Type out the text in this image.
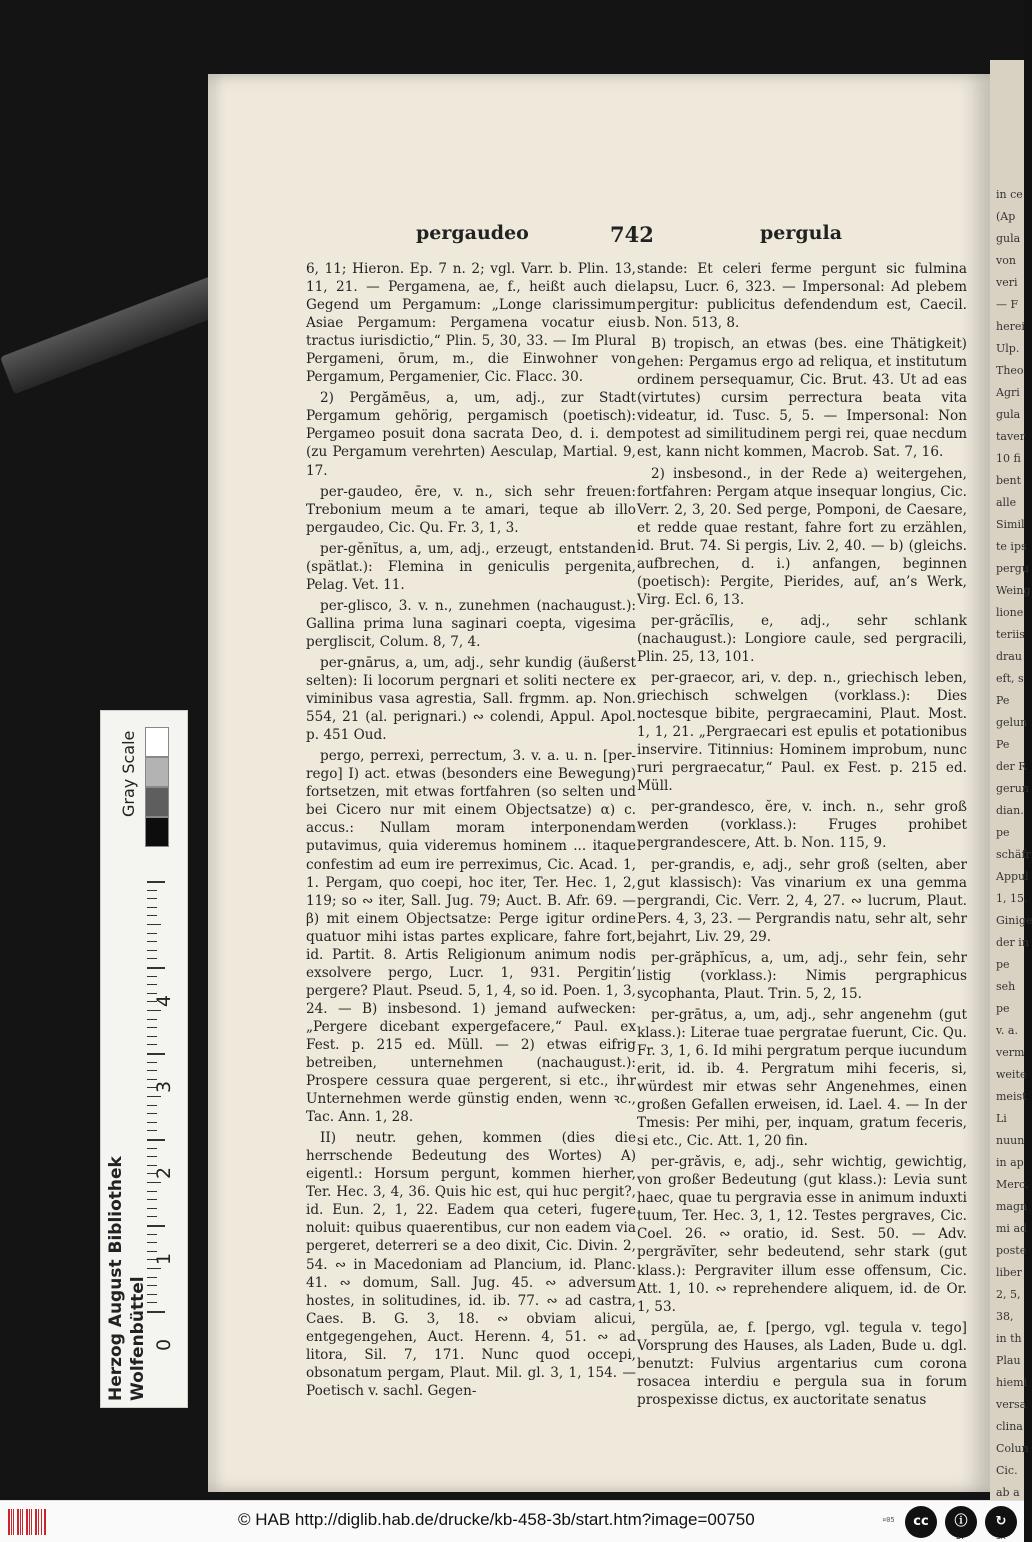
pergaudeo	742	pergula

6, 11; Hieron. Ep. 7 n. 2; vgl. Varr. b. Plin. 13, 11, 21. — Pergamena, ae, f., heißt auch die Gegend um Pergamum: „Longe clarissimum Asiae Pergamum: Pergamena vocatur eius tractus iurisdictio,“ Plin. 5, 30, 33. — Im Plural Pergameni, ōrum, m., die Einwohner von Pergamum, Pergamenier, Cic. Flacc. 30.

2) Pergămēus, a, um, adj., zur Stadt Pergamum gehörig, pergamisch (poetisch): Pergameo posuit dona sacrata Deo, d. i. dem (zu Pergamum verehrten) Aesculap, Martial. 9, 17.

per-gaudeo, ēre, v. n., sich sehr freuen: Trebonium meum a te amari, teque ab illo pergaudeo, Cic. Qu. Fr. 3, 1, 3.

per-gĕnĭtus, a, um, adj., erzeugt, entstanden (spätlat.): Flemina in geniculis pergenita, Pelag. Vet. 11.

per-glisco, 3. v. n., zunehmen (nachaugust.): Gallina prima luna saginari coepta, vigesima pergliscit, Colum. 8, 7, 4.

per-gnārus, a, um, adj., sehr kundig (äußerst selten): Ii locorum pergnari et soliti nectere ex viminibus vasa agrestia, Sall. frgmm. ap. Non. 554, 21 (al. perignari.) ∾ colendi, Appul. Apol. p. 451 Oud.

pergo, perrexi, perrectum, 3. v. a. u. n. [per-rego] I) act. etwas (besonders eine Bewegung) fortsetzen, mit etwas fortfahren (so selten und bei Cicero nur mit einem Objectsatze) α) c. accus.: Nullam moram interponendam putavimus, quia videremus hominem ... itaque confestim ad eum ire perreximus, Cic. Acad. 1, 1. Pergam, quo coepi, hoc iter, Ter. Hec. 1, 2, 119; so ∾ iter, Sall. Jug. 79; Auct. B. Afr. 69. — β) mit einem Objectsatze: Perge igitur ordine quatuor mihi istas partes explicare, fahre fort, id. Partit. 8. Artis Religionum animum nodis exsolvere pergo, Lucr. 1, 931. Pergitin’ pergere? Plaut. Pseud. 5, 1, 4, so id. Poen. 1, 3, 24. — B) insbesond. 1) jemand aufwecken: „Pergere dicebant expergefacere,“ Paul. ex Fest. p. 215 ed. Müll. — 2) etwas eifrig betreiben, unternehmen (nachaugust.): Prospere cessura quae pergerent, si etc., ihr Unternehmen werde günstig enden, wenn ꝛc., Tac. Ann. 1, 28.

II) neutr. gehen, kommen (dies die herrschende Bedeutung des Wortes) A) eigentl.: Horsum pergunt, kommen hierher, Ter. Hec. 3, 4, 36. Quis hic est, qui huc pergit?, id. Eun. 2, 1, 22. Eadem qua ceteri, fugere noluit: quibus quaerentibus, cur non eadem via pergeret, deterreri se a deo dixit, Cic. Divin. 2, 54. ∾ in Macedoniam ad Plancium, id. Planc. 41. ∾ domum, Sall. Jug. 45. ∾ adversum hostes, in solitudines, id. ib. 77. ∾ ad castra, Caes. B. G. 3, 18. ∾ obviam alicui, entgegengehen, Auct. Herenn. 4, 51. ∾ ad litora, Sil. 7, 171. Nunc quod occepi, obsonatum pergam, Plaut. Mil. gl. 3, 1, 154. — Poetisch v. sachl. Gegen-

stande: Et celeri ferme pergunt sic fulmina lapsu, Lucr. 6, 323. — Impersonal: Ad plebem pergitur: publicitus defendendum est, Caecil. b. Non. 513, 8.

B) tropisch, an etwas (bes. eine Thätigkeit) gehen: Pergamus ergo ad reliqua, et institutum ordinem persequamur, Cic. Brut. 43. Ut ad eas (virtutes) cursim perrectura beata vita videatur, id. Tusc. 5, 5. — Impersonal: Non potest ad similitudinem pergi rei, quae necdum est, kann nicht kommen, Macrob. Sat. 7, 16.

2) insbesond., in der Rede a) weitergehen, fortfahren: Pergam atque insequar longius, Cic. Verr. 2, 3, 20. Sed perge, Pomponi, de Caesare, et redde quae restant, fahre fort zu erzählen, id. Brut. 74. Si pergis, Liv. 2, 40. — b) (gleichs. aufbrechen, d. i.) anfangen, beginnen (poetisch): Pergite, Pierides, auf, an’s Werk, Virg. Ecl. 6, 13.

per-grăcĭlis, e, adj., sehr schlank (nachaugust.): Longiore caule, sed pergracili, Plin. 25, 13, 101.

per-graecor, ari, v. dep. n., griechisch leben, griechisch schwelgen (vorklass.): Dies noctesque bibite, pergraecamini, Plaut. Most. 1, 1, 21. „Pergraecari est epulis et potationibus inservire. Titinnius: Hominem improbum, nunc ruri pergraecatur,“ Paul. ex Fest. p. 215 ed. Müll.

per-grandesco, ĕre, v. inch. n., sehr groß werden (vorklass.): Fruges prohibet pergrandescere, Att. b. Non. 115, 9.

per-grandis, e, adj., sehr groß (selten, aber gut klassisch): Vas vinarium ex una gemma pergrandi, Cic. Verr. 2, 4, 27. ∾ lucrum, Plaut. Pers. 4, 3, 23. — Pergrandis natu, sehr alt, sehr bejahrt, Liv. 29, 29.

per-grăphĭcus, a, um, adj., sehr fein, sehr listig (vorklass.): Nimis pergraphicus sycophanta, Plaut. Trin. 5, 2, 15.

per-grātus, a, um, adj., sehr angenehm (gut klass.): Literae tuae pergratae fuerunt, Cic. Qu. Fr. 3, 1, 6. Id mihi pergratum perque iucundum erit, id. ib. 4. Pergratum mihi feceris, si, würdest mir etwas sehr Angenehmes, einen großen Gefallen erweisen, id. Lael. 4. — In der Tmesis: Per mihi, per, inquam, gratum feceris, si etc., Cic. Att. 1, 20 fin.

per-grăvis, e, adj., sehr wichtig, gewichtig, von großer Bedeutung (gut klass.): Levia sunt haec, quae tu pergravia esse in animum induxti tuum, Ter. Hec. 3, 1, 12. Testes pergraves, Cic. Coel. 26. ∾ oratio, id. Sest. 50. — Adv. pergrăvĭter, sehr bedeutend, sehr stark (gut klass.): Pergraviter illum esse offensum, Cic. Att. 1, 10. ∾ reprehendere aliquem, id. de Or. 1, 53.

pergŭla, ae, f. [pergo, vgl. tegula v. tego] Vorsprung des Hauses, als Laden, Bude u. dgl. benutzt: Fulvius argentarius cum corona rosacea interdiu e pergula sua in forum prospexisse dictus, ex auctoritate senatus

in ce
(Ap
gula
von
veri
— F
herei
Ulp.
Theo
Agri
gula
taver
10 fi
bent
alle
Simil
te ips
pergu
Weing
lione
teriis
drau
eft, s
Pe
gelun
Pe
der R
gerun
dian.
pe
schäfr
Appul
1, 15.
Ginige
der in
pe
seh
pe
v. a.
verm
weite
meist
Li
nuun
in ap
Merc.
magn
mi ad
poste
liber
2, 5,
38,
in th
Plau
hiemi
versa
clina
Colun
Cic.
ab a
Gray Scale
Herzog August Bibliothek Wolfenbüttel 0
1
2
3
4
© HAB http://diglib.hab.de/drucke/kb-458-3b/start.htm?image=00750	¤05	cc	ⓘ	↻
BY	SA
